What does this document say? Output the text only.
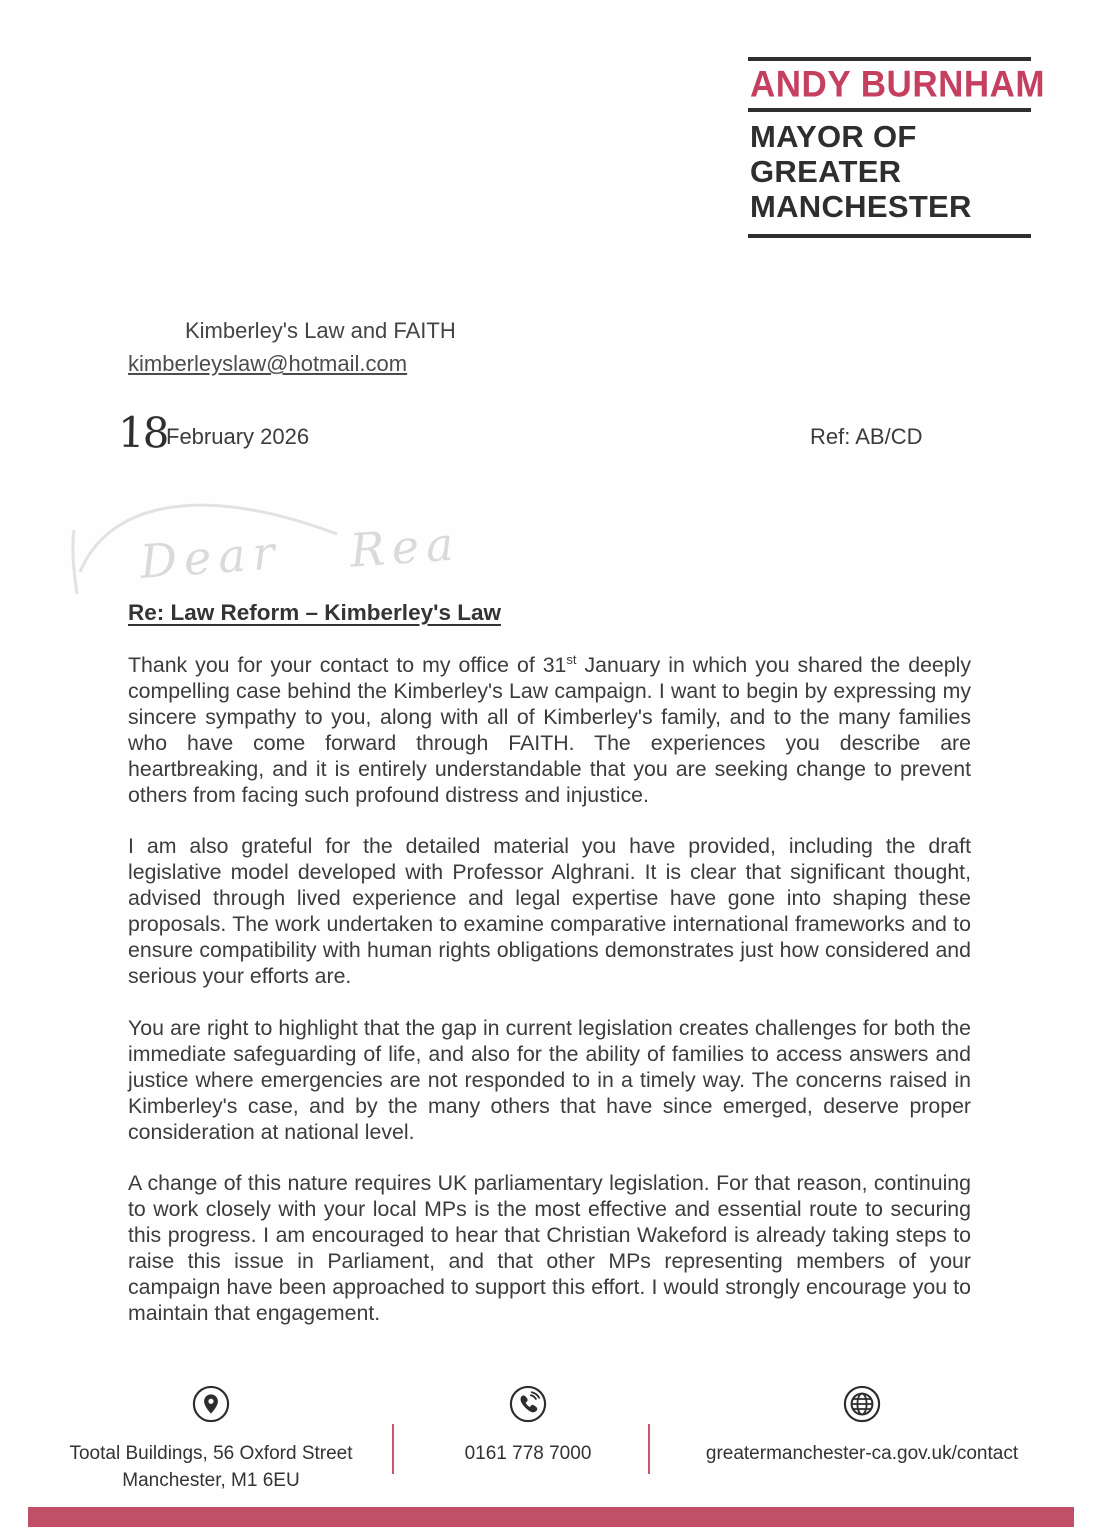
ANDY BURNHAM
MAYOR OF
GREATER
MANCHESTER
Kimberley's Law and FAITH
kimberleyslaw@hotmail.com
18
February 2026	Ref: AB/CD
Dear Rea
Re: Law Reform – Kimberley's Law

Thank you for your contact to my office of 31st January in which you shared the deeply compelling case behind the Kimberley's Law campaign. I want to begin by expressing my sincere sympathy to you, along with all of Kimberley's family, and to the many families who have come forward through FAITH. The experiences you describe are heartbreaking, and it is entirely understandable that you are seeking change to prevent others from facing such profound distress and injustice.

I am also grateful for the detailed material you have provided, including the draft legislative model developed with Professor Alghrani. It is clear that significant thought, advised through lived experience and legal expertise have gone into shaping these proposals. The work undertaken to examine comparative international frameworks and to ensure compatibility with human rights obligations demonstrates just how considered and serious your efforts are.

You are right to highlight that the gap in current legislation creates challenges for both the immediate safeguarding of life, and also for the ability of families to access answers and justice where emergencies are not responded to in a timely way. The concerns raised in Kimberley's case, and by the many others that have since emerged, deserve proper consideration at national level.

A change of this nature requires UK parliamentary legislation. For that reason, continuing to work closely with your local MPs is the most effective and essential route to securing this progress. I am encouraged to hear that Christian Wakeford is already taking steps to raise this issue in Parliament, and that other MPs representing members of your campaign have been approached to support this effort. I would strongly encourage you to maintain that engagement.

Tootal Buildings, 56 Oxford Street
Manchester, M1 6EU
0161 778 7000	greatermanchester-ca.gov.uk/contact
